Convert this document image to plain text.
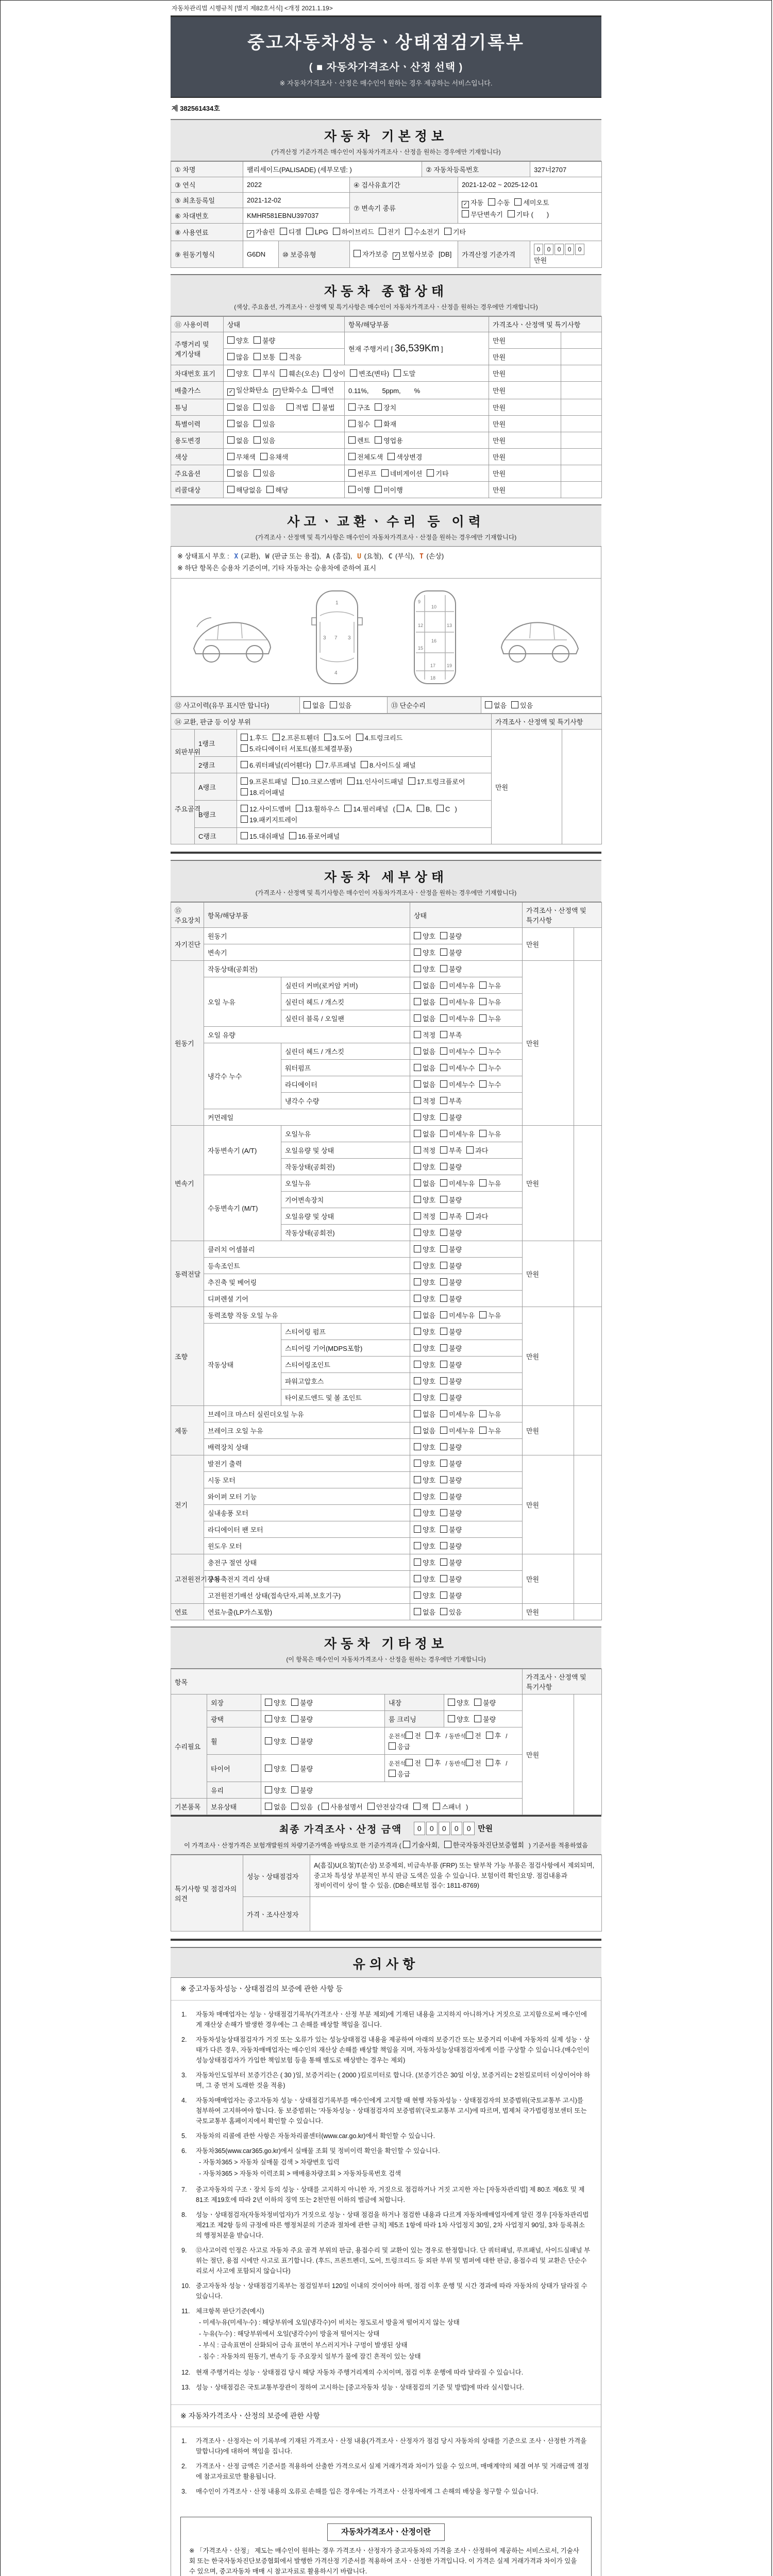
자동차관리법 시행규칙 [별지 제82호서식] <개정 2021.1.19>
중고자동차성능ㆍ상태점검기록부
( ■ 자동차가격조사ㆍ산정 선택 )
※ 자동차가격조사ㆍ산정은 매수인이 원하는 경우 제공하는 서비스입니다.
제 382561434호
자동차 기본정보
(가격산정 기준가격은 매수인이 자동차가격조사ㆍ산정을 원하는 경우에만 기재합니다)
① 차명	팰리세이드(PALISADE) (세부모델: )			② 자동차등록번호		327너2707
③ 연식	2022		④ 검사유효기간		2021-12-02 ~ 2025-12-01	
⑤ 최초등록일	2021-12-02		⑦ 변속기 종류		✓ 자동 수동 세미오토
무단변속기 기타 (　　)	

⑥ 차대번호	KMHR581EBNU397037					
⑧ 사용연료	✓ 가솔린 디젤 LPG 하이브리드 전기 수소전기 기타					
⑨ 원동기형식	G6DN	⑩ 보증유형	자가보증 ✓ 보험사보증 [DB]		가격산정 기준가격	0 0 0 0 0 만원
자동차 종합상태
(색상, 주요옵션, 가격조사ㆍ산정액 및 특기사항은 매수인이 자동차가격조사ㆍ산정을 원하는 경우에만 기재합니다)
⑪ 사용이력	상태	항목/해당부품	가격조사ㆍ산정액 및 특기사항	
주행거리 및 계기상태	양호 불량	현재 주행거리 [ 36,539Km ]	만원	
	많음 보통 적음		만원	
차대번호 표기	양호 부식 훼손(오손) 상이 변조(변타) 도말		만원	
배출가스	✓ 일산화탄소 ✓ 탄화수소 매연	0.11%,　　5ppm,　　%	만원	
튜닝	없음 있음　 적법 불법	구조 장치	만원	
특별이력	없음 있음	침수 화재	만원	
용도변경	없음 있음	렌트 영업용	만원	
색상	무채색 유채색	전체도색 색상변경	만원	
주요옵션	없음 있음	썬루프 네비게이션 기타	만원	
리콜대상	해당없음 해당	이행 미이행	만원	
사고ㆍ교환ㆍ수리 등 이력
(가격조사ㆍ산정액 및 특기사항은 매수인이 자동차가격조사ㆍ산정을 원하는 경우에만 기재합니다)
※ 상태표시 부호 : X (교환), W (판금 또는 용접), A (흠집), U (요철), C (부식), T (손상)
※ 하단 항목은 승용차 기준이며, 기타 자동차는 승용차에 준하여 표시
1
7
3	3
4
9
10
12	13
16
15
17
18
19
⑫ 사고이력(유무 표시만 합니다)	없음 있음	⑬ 단순수리	없음 있음
⑭ 교환, 판금 등 이상 부위			가격조사ㆍ산정액 및 특기사항	
외판부위	1랭크	1.후드 2.프론트휀더 3.도어 4.트렁크리드
5.라디에이터 서포트(볼트체결부품)	만원	
	2랭크	6.쿼터패널(리어휀다) 7.루프패널 8.사이드실 패널		
주요골격	A랭크	9.프론트패널 10.크로스멤버 11.인사이드패널 17.트렁크플로어
18.리어패널		

	B랭크	12.사이드멤버 13.휠하우스 14.필러패널 ( A, B, C )
19.패키지트레이		

	C랭크	15.대쉬패널 16.플로어패널		
자동차 세부상태
(가격조사ㆍ산정액 및 특기사항은 매수인이 자동차가격조사ㆍ산정을 원하는 경우에만 기재합니다)
⑮ 주요장치	항목/해당부품		상태	가격조사ㆍ산정액 및 특기사항	
자기진단	원동기		양호 불량	만원	
	변속기		양호 불량		
원동기	작동상태(공회전)		양호 불량	만원	
	오일 누유	실린더 커버(로커암 커버)	없음 미세누유 누유		
		실린더 헤드 / 개스킷	없음 미세누유 누유		
		실린더 블록 / 오일팬	없음 미세누유 누유		
	오일 유량		적정 부족		
	냉각수 누수	실린더 헤드 / 개스킷	없음 미세누수 누수		
		워터펌프	없음 미세누수 누수		
		라디에이터	없음 미세누수 누수		
		냉각수 수량	적정 부족		
	커먼레일		양호 불량		
변속기	자동변속기 (A/T)	오일누유	없음 미세누유 누유	만원	
		오일유량 및 상태	적정 부족 과다		
		작동상태(공회전)	양호 불량		
	수동변속기 (M/T)	오일누유	없음 미세누유 누유		
		기어변속장치	양호 불량		
		오일유량 및 상태	적정 부족 과다		
		작동상태(공회전)	양호 불량		
동력전달	클러치 어셈블리		양호 불량	만원	
	등속조인트		양호 불량		
	추진축 및 베어링		양호 불량		
	디퍼렌셜 기어		양호 불량		
조향	동력조향 작동 오일 누유		없음 미세누유 누유	만원	
	작동상태	스티어링 펌프	양호 불량		
		스티어링 기어(MDPS포함)	양호 불량		
		스티어링조인트	양호 불량		
		파워고압호스	양호 불량		
		타이로드엔드 및 볼 조인트	양호 불량		
제동	브레이크 마스터 실린더오일 누유		없음 미세누유 누유	만원	
	브레이크 오일 누유		없음 미세누유 누유		
	배력장치 상태		양호 불량		
전기	발전기 출력		양호 불량	만원	
	시동 모터		양호 불량		
	와이퍼 모터 기능		양호 불량		
	실내송풍 모터		양호 불량		
	라디에이터 팬 모터		양호 불량		
	윈도우 모터		양호 불량		
고전원전기장치	충전구 절연 상태		양호 불량	만원	
	구동축전지 격리 상태		양호 불량		
	고전원전기배선 상태(접속단자,피복,보호기구)		양호 불량		
연료	연료누출(LP가스포함)		없음 있음	만원	
자동차 기타정보
(이 항목은 매수인이 자동차가격조사ㆍ산정을 원하는 경우에만 기재합니다)
항목					가격조사ㆍ산정액 및 특기사항	
수리필요	외장	양호 불량	내장	양호 불량	만원	
	광택	양호 불량	룸 크리닝	양호 불량		
	휠	양호 불량	운전석 전 후 / 동반석 전 후 / 응급			
	타이어	양호 불량	운전석 전 후 / 동반석 전 후 / 응급			
	유리	양호 불량				
기본품목	보유상태	없음 있음 ( 사용설명서 안전삼각대 잭 스패너 )				
최종 가격조사ㆍ산정 금액 0 0 0 0 0 만원
이 가격조사ㆍ산정가격은 보험개발원의 차량기준가액을 바탕으로 한 기준가격과 ( 기술사회, 한국자동차진단보증협회 ) 기준서를 적용하였음
특기사항 및 점검자의 의견	성능ㆍ상태점검자	A(흠집)U(요철)T(손상) 보증제외, 비금속부품 (FRP) 또는 탈부착 가능 부품은 점검사항에서 제외되며, 중고차 특성상 부분적인 부식 판금 도색은 있을 수 있습니다. 보험이력 확인요망. 점검내용과 정비이력이 상이 할 수 있음. (DB손해보험 접수: 1811-8769)
	가격ㆍ조사산정자	
유의사항
※ 중고자동차성능ㆍ상태점검의 보증에 관한 사항 등
1.	자동차 매매업자는 성능ㆍ상태점검기록부(가격조사ㆍ산정 부분 제외)에 기재된 내용을 고지하지 아니하거나 거짓으로 고지함으로써 매수인에게 재산상 손해가 발생한 경우에는 그 손해를 배상할 책임을 집니다.
2.	자동차성능상태점검자가 거짓 또는 오류가 있는 성능상태점검 내용을 제공하여 아래의 보증기간 또는 보증거리 이내에 자동차의 실제 성능ㆍ상태가 다른 경우, 자동차매매업자는 매수인의 재산상 손해를 배상할 책임을 지며, 자동차성능상태점검자에게 이를 구상할 수 있습니다.(매수인이 성능상태점검자가 가입한 책임보험 등을 통해 별도로 배상받는 경우는 제외)
3.	자동차인도일부터 보증기간은 ( 30 )일, 보증거리는 ( 2000 )킬로미터로 합니다. (보증기간은 30일 이상, 보증거리는 2천킬로미터 이상이어야 하며, 그 중 먼저 도래한 것을 적용)
4.	자동차매매업자는 중고자동차 성능ㆍ상태점검기록부를 매수인에게 고지할 때 현행 자동차성능ㆍ상태점검자의 보증범위(국토교통부 고시)를 첨부하여 고지하여야 합니다. 동 보증범위는 '자동차성능ㆍ상태점검자의 보증범위'(국토교통부 고시)에 따르며, 법제처 국가법령정보센터 또는 국토교통부 홈페이지에서 확인할 수 있습니다.
5.	자동차의 리콜에 관한 사항은 자동차리콜센터(www.car.go.kr)에서 확인할 수 있습니다.
6.	자동차365(www.car365.go.kr)에서 실매물 조회 및 정비이력 확인을 확인할 수 있습니다.
- 자동차365 > 자동차 실매물 검색 > 차량번호 입력
- 자동차365 > 자동차 이력조회 > 매매용차량조회 > 자동차등록번호 검색
7.	중고자동차의 구조ㆍ장치 등의 성능ㆍ상태를 고지하지 아니한 자, 거짓으로 점검하거나 거짓 고지한 자는 [자동차관리법] 제 80조 제6호 및 제81조 제19호에 따라 2년 이하의 징역 또는 2천만원 이하의 벌금에 처합니다.
8.	성능ㆍ상태점검자(자동차정비업자)가 거짓으로 성능ㆍ상태 점검을 하거나 점검한 내용과 다르게 자동차매매업자에게 알린 경우 [자동차관리법 제21조 제2항 등의 규정에 따른 행정처분의 기준과 절차에 관한 규칙] 제5조 1항에 따라 1차 사업정지 30일, 2차 사업정지 90일, 3차 등록취소의 행정처분을 받습니다.
9.	⑫사고이력 인정은 사고로 자동차 주요 골격 부위의 판금, 용접수리 및 교환이 있는 경우로 한정합니다. 단 쿼터패널, 루프패널, 사이드실패널 부위는 절단, 용접 시에만 사고로 표기합니다. (후드, 프론트펜더, 도어, 트렁크리드 등 외판 부위 및 범퍼에 대한 판금, 용접수리 및 교환은 단순수리로서 사고에 포함되지 않습니다)
10. 중고자동차 성능ㆍ상태점검기록부는 점검일부터 120일 이내의 것이어야 하며, 점검 이후 운행 및 시간 경과에 따라 자동차의 상태가 달라질 수 있습니다.
11. 체크항목 판단기준(예시)
- 미세누유(미세누수) : 해당부위에 오일(냉각수)이 비치는 정도로서 방울져 떨어지지 않는 상태
- 누유(누수) : 해당부위에서 오일(냉각수)이 방울져 떨어지는 상태
- 부식 : 금속표면이 산화되어 금속 표면이 부스러지거나 구멍이 발생된 상태
- 침수 : 자동차의 원동기, 변속기 등 주요장치 일부가 물에 잠긴 흔적이 있는 상태
12. 현재 주행거리는 성능ㆍ상태점검 당시 해당 자동차 주행거리계의 수치이며, 점검 이후 운행에 따라 달라질 수 있습니다.
13. 성능ㆍ상태점검은 국토교통부장관이 정하여 고시하는 [중고자동차 성능ㆍ상태점검의 기준 및 방법]에 따라 실시합니다.
※ 자동차가격조사ㆍ산정의 보증에 관한 사항
1.	가격조사ㆍ산정자는 이 기록부에 기재된 가격조사ㆍ산정 내용(가격조사ㆍ산정자가 점검 당시 자동차의 상태를 기준으로 조사ㆍ산정한 가격을 말합니다)에 대하여 책임을 집니다.
2.	가격조사ㆍ산정 금액은 기준서를 적용하여 산출한 가격으로서 실제 거래가격과 차이가 있을 수 있으며, 매매계약의 체결 여부 및 거래금액 결정에 참고자료로만 활용됩니다.
3.	매수인이 가격조사ㆍ산정 내용의 오류로 손해를 입은 경우에는 가격조사ㆍ산정자에게 그 손해의 배상을 청구할 수 있습니다.
자동차가격조사ㆍ산정이란
※ 「가격조사ㆍ산정」 제도는 매수인이 원하는 경우 가격조사ㆍ산정자가 중고자동차의 가격을 조사ㆍ산정하여 제공하는 서비스로서, 기술사회 또는 한국자동차진단보증협회에서 발행한 가격산정 기준서를 적용하여 조사ㆍ산정한 가격입니다. 이 가격은 실제 거래가격과 차이가 있을 수 있으며, 중고자동차 매매 시 참고자료로 활용하시기 바랍니다.
